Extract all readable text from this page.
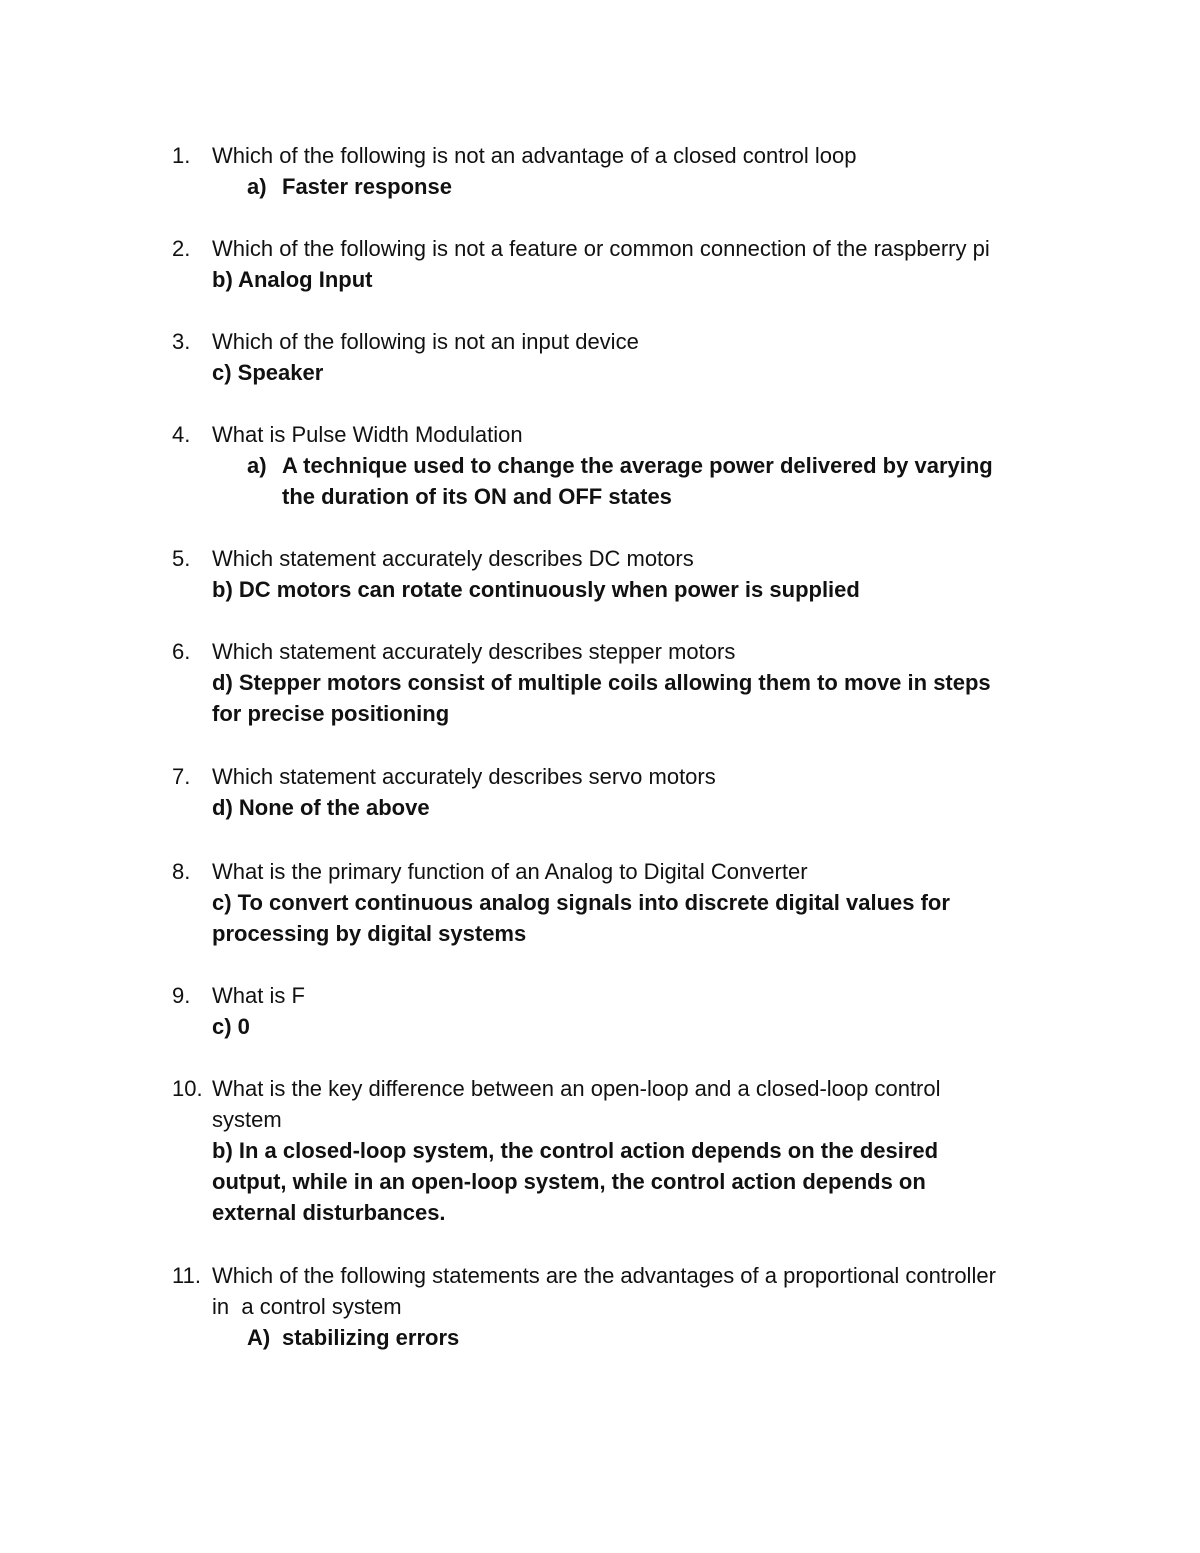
1. Which of the following is not an advantage of a closed control loop
a) Faster response
2. Which of the following is not a feature or common connection of the raspberry pi
b) Analog Input
3. Which of the following is not an input device
c) Speaker
4. What is Pulse Width Modulation
a) A technique used to change the average power delivered by varying
the duration of its ON and OFF states
5. Which statement accurately describes DC motors
b) DC motors can rotate continuously when power is supplied
6. Which statement accurately describes stepper motors
d) Stepper motors consist of multiple coils allowing them to move in steps
for precise positioning
7. Which statement accurately describes servo motors
d) None of the above
8. What is the primary function of an Analog to Digital Converter
c) To convert continuous analog signals into discrete digital values for
processing by digital systems
9. What is F
c) 0
10. What is the key difference between an open-loop and a closed-loop control
system
b) In a closed-loop system, the control action depends on the desired
output, while in an open-loop system, the control action depends on
external disturbances.
11. Which of the following statements are the advantages of a proportional controller
in  a control system
A) stabilizing errors
